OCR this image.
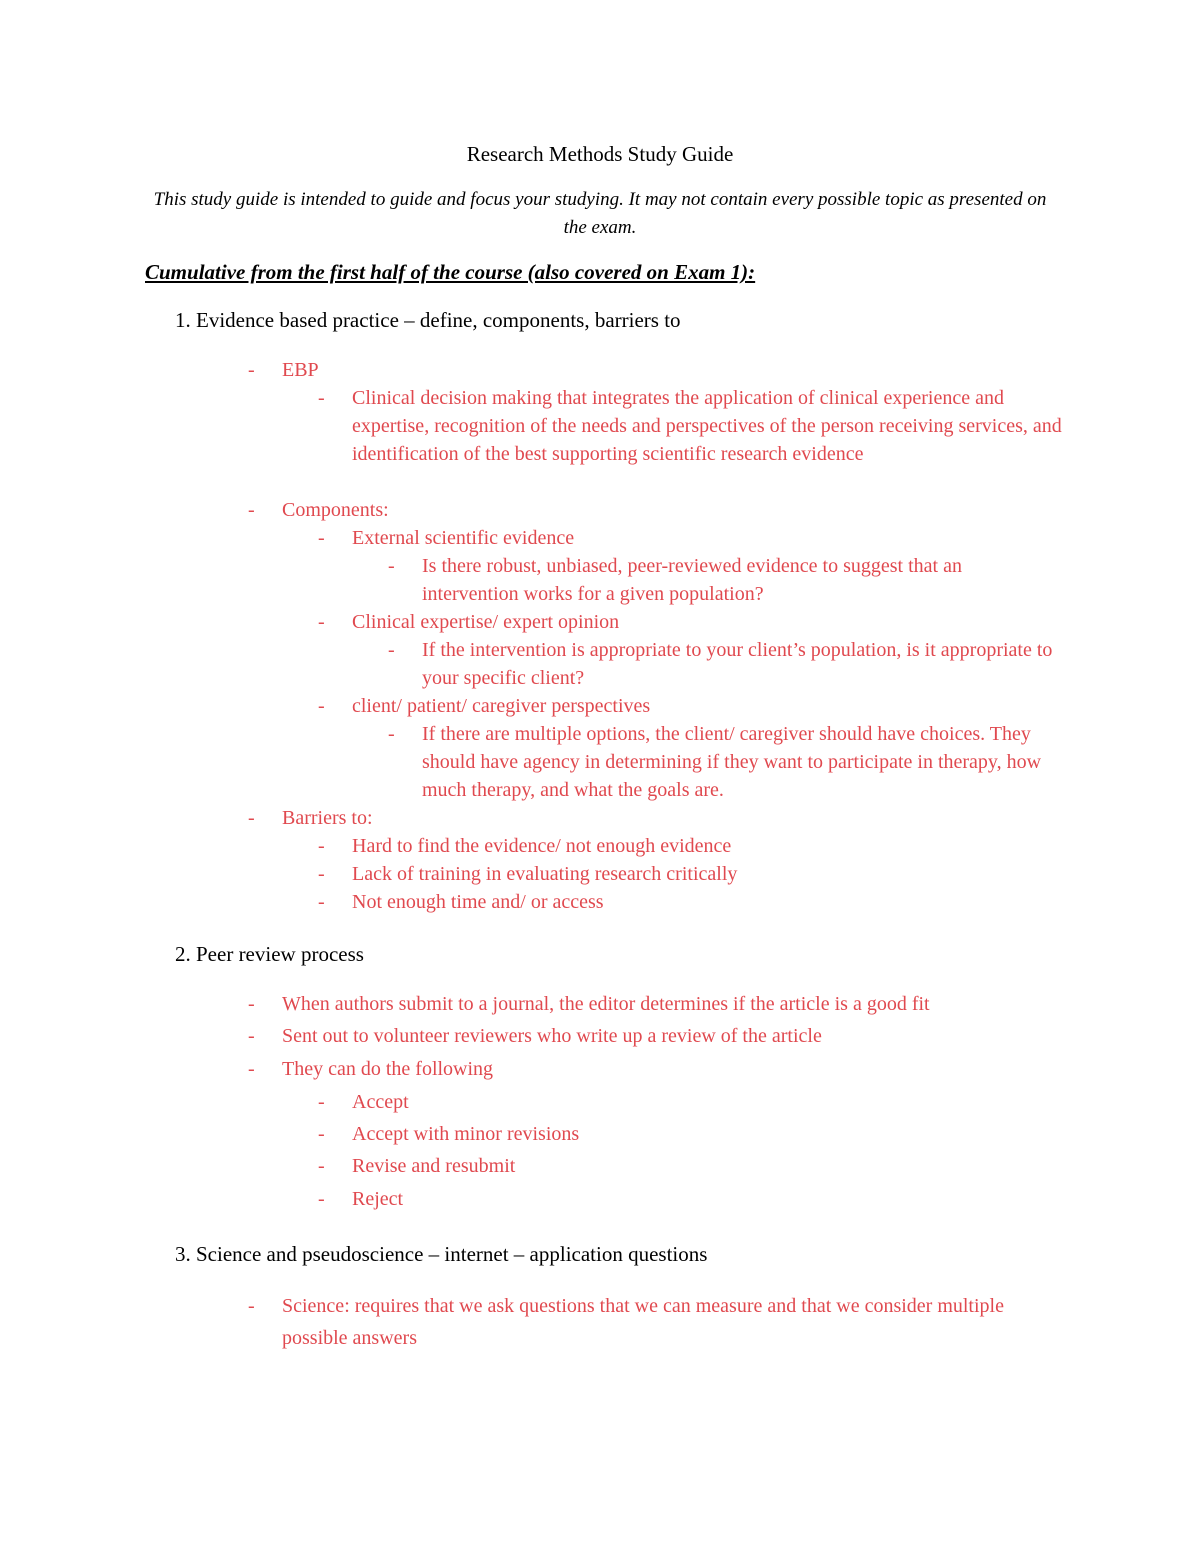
Research Methods Study Guide
This study guide is intended to guide and focus your studying. It may not contain every possible topic as presented on the exam.
Cumulative from the first half of the course (also covered on Exam 1):
1. Evidence based practice – define, components, barriers to
- EBP
- Clinical decision making that integrates the application of clinical experience and expertise, recognition of the needs and perspectives of the person receiving services, and identification of the best supporting scientific research evidence
- Components:
- External scientific evidence
- Is there robust, unbiased, peer-reviewed evidence to suggest that an intervention works for a given population?
- Clinical expertise/ expert opinion
- If the intervention is appropriate to your client’s population, is it appropriate to your specific client?
- client/ patient/ caregiver perspectives
- If there are multiple options, the client/ caregiver should have choices. They should have agency in determining if they want to participate in therapy, how much therapy, and what the goals are.
- Barriers to:
- Hard to find the evidence/ not enough evidence
- Lack of training in evaluating research critically
- Not enough time and/ or access
2. Peer review process
- When authors submit to a journal, the editor determines if the article is a good fit
- Sent out to volunteer reviewers who write up a review of the article
- They can do the following
- Accept
- Accept with minor revisions
- Revise and resubmit
- Reject
3. Science and pseudoscience – internet – application questions
- Science: requires that we ask questions that we can measure and that we consider multiple possible answers
